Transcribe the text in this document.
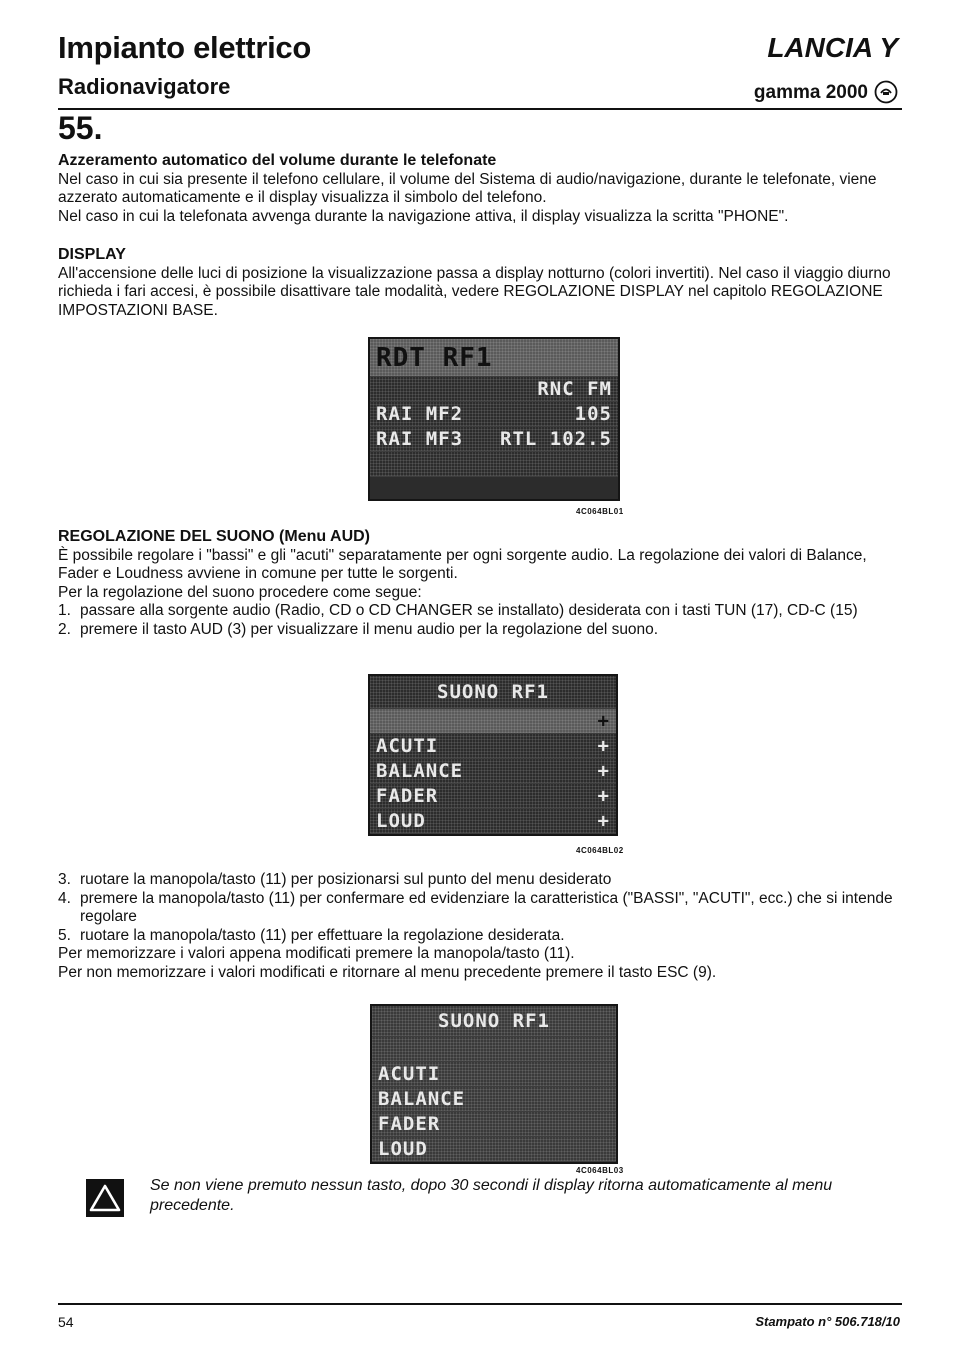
Impianto elettrico
Radionavigatore
LANCIA Y
gamma 2000
55.

Azzeramento automatico del volume durante le telefonate

Nel caso in cui sia presente il telefono cellulare, il volume del Sistema di audio/navigazione, durante le telefonate, viene azzerato automaticamente e il display visualizza il simbolo del telefono.

Nel caso in cui la telefonata avvenga durante la navigazione attiva, il display visualizza la scritta "PHONE".

DISPLAY

All'accensione delle luci di posizione la visualizzazione passa a display notturno (colori invertiti). Nel caso il viaggio diurno richieda i fari accesi, è possibile disattivare tale modalità, vedere REGOLAZIONE DISPLAY nel capitolo REGOLAZIONE IMPOSTAZIONI BASE.

RDT RF1
RNC FM
RAI MF2	105
RAI MF3 RTL 102.5
4C064BL01

REGOLAZIONE DEL SUONO (Menu AUD)

È possibile regolare i "bassi" e gli "acuti" separatamente per ogni sorgente audio. La regolazione dei valori di Balance, Fader e Loudness avviene in comune per tutte le sorgenti.

Per la regolazione del suono procedere come segue:

1. passare alla sorgente audio (Radio, CD o CD CHANGER se installato) desiderata con i tasti TUN (17), CD-C (15)
2. premere il tasto AUD (3) per visualizzare il menu audio per la regolazione del suono.
SUONO RF1
+
ACUTI	+
BALANCE	+
FADER	+
LOUD	+
4C064BL02
3. ruotare la manopola/tasto (11) per posizionarsi sul punto del menu desiderato
4. premere la manopola/tasto (11) per confermare ed evidenziare la caratteristica ("BASSI", "ACUTI", ecc.) che si intende regolare
5. ruotare la manopola/tasto (11) per effettuare la regolazione desiderata.

Per memorizzare i valori appena modificati premere la manopola/tasto (11).

Per non memorizzare i valori modificati e ritornare al menu precedente premere il tasto ESC (9).

SUONO RF1
ACUTI
BALANCE
FADER
LOUD
4C064BL03
Se non viene premuto nessun tasto, dopo 30 secondi il display ritorna automaticamente al menu precedente.
54	Stampato n° 506.718/10
